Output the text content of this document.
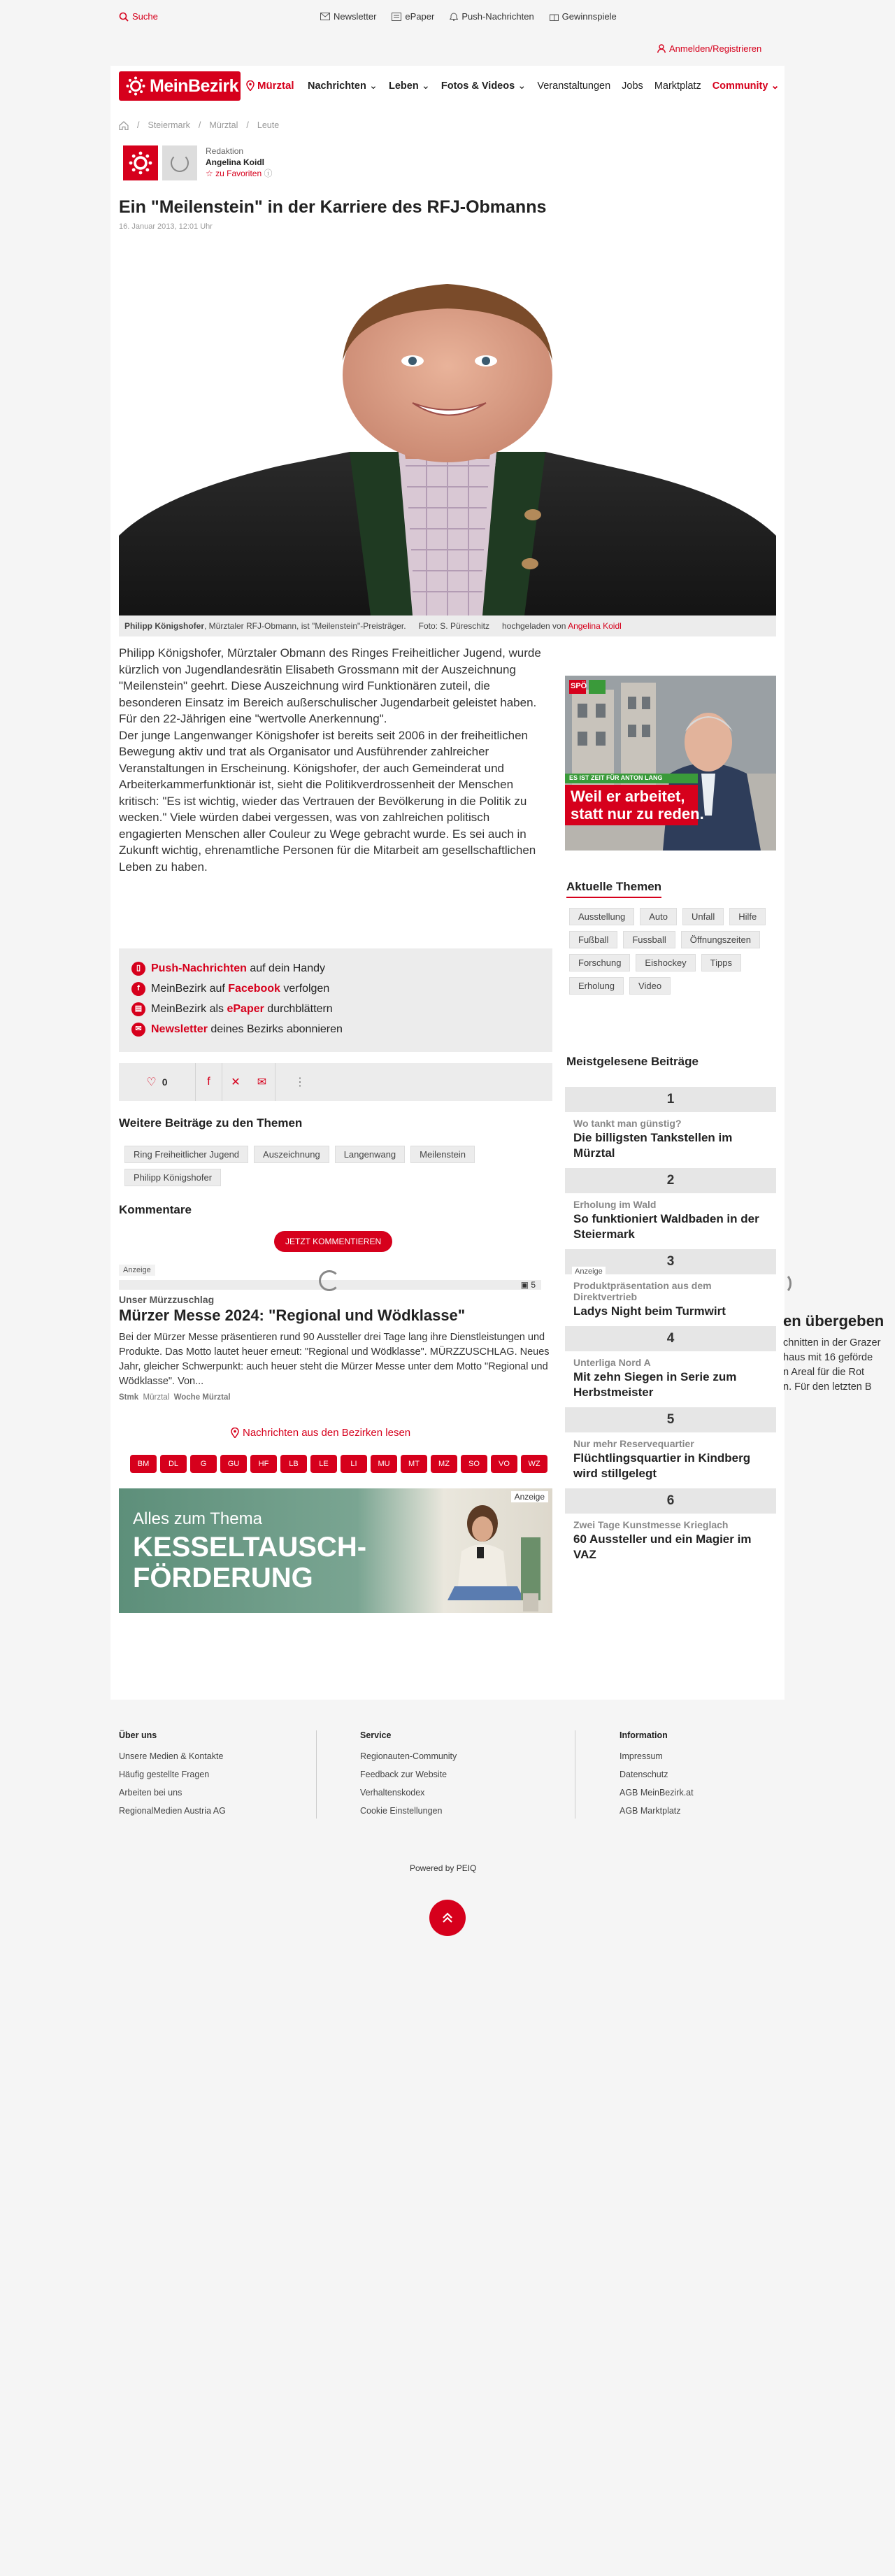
Suche	Newsletter	ePaper	Push-Nachrichten	Gewinnspiele
Anmelden/Registrieren
MeinBezirk Mürztal Nachrichten ⌄ Leben ⌄ Fotos & Videos ⌄ Veranstaltungen Jobs Marktplatz Community ⌄
/ Steiermark / Mürztal / Leute
Redaktion
Angelina Koidl
☆ zu Favoriten ⓘ
Ein "Meilenstein" in der Karriere des RFJ-Obmanns
16. Januar 2013, 12:01 Uhr
Philipp Königshofer, Mürztaler RFJ-Obmann, ist "Meilenstein"-Preisträger. Foto: S. Püreschitz hochgeladen von Angelina Koidl
Philipp Königshofer, Mürztaler Obmann des Ringes Freiheitlicher Jugend, wurde kürzlich von Jugendlandesrätin Elisabeth Grossmann mit der Auszeichnung "Meilenstein" geehrt. Diese Auszeichnung wird Funktionären zuteil, die besonderen Einsatz im Bereich außerschulischer Jugendarbeit geleistet haben. Für den 22-Jährigen eine "wertvolle Anerkennung".
Der junge Langenwanger Königshofer ist bereits seit 2006 in der freiheitlichen Bewegung aktiv und trat als Organisator und Ausführender zahlreicher Veranstaltungen in Erscheinung. Königshofer, der auch Gemeinderat und Arbeiterkammerfunktionär ist, sieht die Politikverdrossenheit der Menschen kritisch: "Es ist wichtig, wieder das Vertrauen der Bevölkerung in die Politik zu wecken." Viele würden dabei vergessen, was von zahlreichen politisch engagierten Menschen aller Couleur zu Wege gebracht wurde. Es sei auch in Zukunft wichtig, ehrenamtliche Personen für die Mitarbeit am gesellschaftlichen Leben zu haben.
▯ Push-Nachrichten auf dein Handy
f	MeinBezirk auf Facebook verfolgen
▤ MeinBezirk als ePaper durchblättern
✉ Newsletter deines Bezirks abonnieren
♡ 0	f ✕ ✉ ⋮
Weitere Beiträge zu den Themen
Ring Freiheitlicher Jugend	Auszeichnung	Langenwang	Meilenstein
Philipp Königshofer
Kommentare
JETZT KOMMENTIEREN
Anzeige
▣ 5
Unser Mürzzuschlag
Mürzer Messe 2024: "Regional und Wödklasse"

Bei der Mürzer Messe präsentieren rund 90 Aussteller drei Tage lang ihre Dienstleistungen und Produkte. Das Motto lautet heuer erneut: "Regional und Wödklasse". MÜRZZUSCHLAG. Neues Jahr, gleicher Schwerpunkt: auch heuer steht die Mürzer Messe unter dem Motto "Regional und Wödklasse". Von...

Stmk Mürztal Woche Mürztal
Nachrichten aus den Bezirken lesen
BM	DL	G	GU	HF	LB	LE	LI	MU	MT	MZ	SO	VO	WZ
Alles zum Thema
KESSELTAUSCH-
FÖRDERUNG
Anzeige
en übergeben
chnitten in der Grazer
haus mit 16 geförde
n Areal für die Rot
n. Für den letzten B
SPÖ
ES IST ZEIT FÜR ANTON LANG
Weil er arbeitet,
statt nur zu reden.
Aktuelle Themen
Ausstellung	Auto	Unfall	Hilfe
Fußball	Fussball	Öffnungszeiten
Forschung	Eishockey	Tipps
Erholung	Video
Meistgelesene Beiträge
1
Wo tankt man günstig?
Die billigsten Tankstellen im Mürztal
2
Erholung im Wald
So funktioniert Waldbaden in der Steiermark
3
Produktpräsentation aus dem Direktvertrieb
Ladys Night beim Turmwirt
4
Unterliga Nord A
Mit zehn Siegen in Serie zum Herbstmeister
5
Nur mehr Reservequartier
Flüchtlingsquartier in Kindberg wird stillgelegt
6
Zwei Tage Kunstmesse Krieglach
60 Aussteller und ein Magier im VAZ
Anzeige
Über uns
Unsere Medien & Kontakte
Häufig gestellte Fragen
Arbeiten bei uns
RegionalMedien Austria AG
Service
Regionauten-Community
Feedback zur Website
Verhaltenskodex
Cookie Einstellungen
Information
Impressum
Datenschutz
AGB MeinBezirk.at
AGB Marktplatz
Powered by PEIQ
